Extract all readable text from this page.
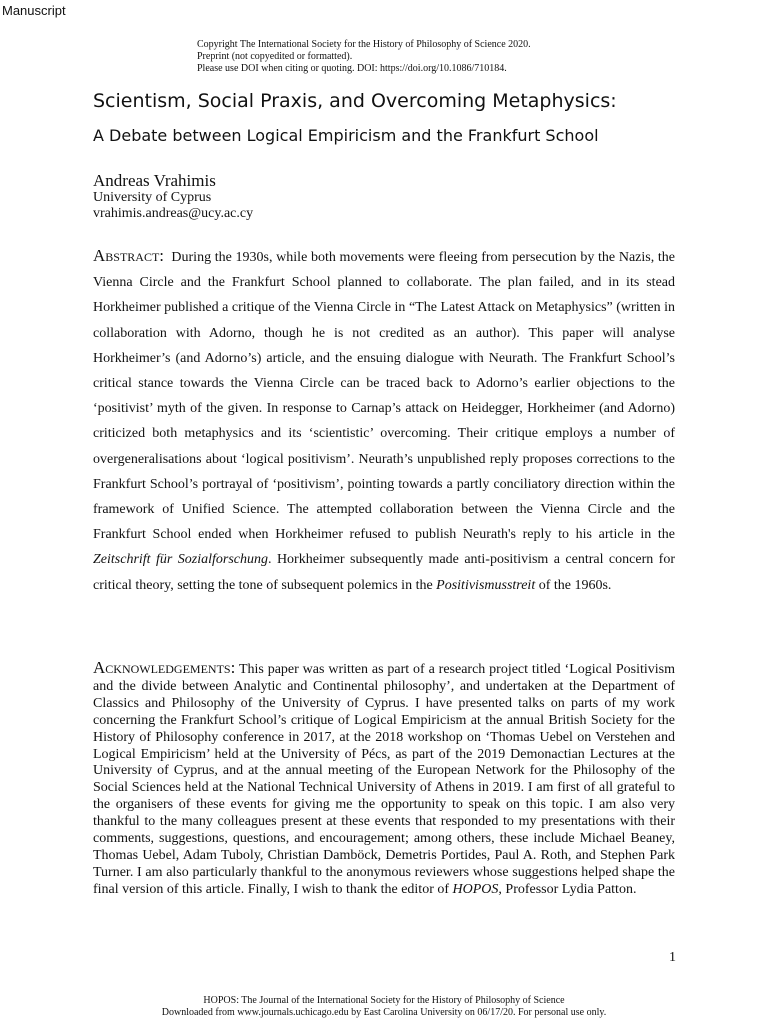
Manuscript
Copyright The International Society for the History of Philosophy of Science 2020.
Preprint (not copyedited or formatted).
Please use DOI when citing or quoting. DOI: https://doi.org/10.1086/710184.
Scientism, Social Praxis, and Overcoming Metaphysics:
A Debate between Logical Empiricism and the Frankfurt School
Andreas Vrahimis
University of Cyprus
vrahimis.andreas@ucy.ac.cy

Abstract: During the 1930s, while both movements were fleeing from persecution by the Nazis, the Vienna Circle and the Frankfurt School planned to collaborate. The plan failed, and in its stead Horkheimer published a critique of the Vienna Circle in “The Latest Attack on Metaphysics” (written in collaboration with Adorno, though he is not credited as an author). This paper will analyse Horkheimer’s (and Adorno’s) article, and the ensuing dialogue with Neurath. The Frankfurt School’s critical stance towards the Vienna Circle can be traced back to Adorno’s earlier objections to the ‘positivist’ myth of the given. In response to Carnap’s attack on Heidegger, Horkheimer (and Adorno) criticized both metaphysics and its ‘scientistic’ overcoming. Their critique employs a number of overgeneralisations about ‘logical positivism’. Neurath’s unpublished reply proposes corrections to the Frankfurt School’s portrayal of ‘positivism’, pointing towards a partly conciliatory direction within the framework of Unified Science. The attempted collaboration between the Vienna Circle and the Frankfurt School ended when Horkheimer refused to publish Neurath's reply to his article in the Zeitschrift für Sozialforschung. Horkheimer subsequently made anti-positivism a central concern for critical theory, setting the tone of subsequent polemics in the Positivismusstreit of the 1960s.

Acknowledgements: This paper was written as part of a research project titled ‘Logical Positivism and the divide between Analytic and Continental philosophy’, and undertaken at the Department of Classics and Philosophy of the University of Cyprus. I have presented talks on parts of my work concerning the Frankfurt School’s critique of Logical Empiricism at the annual British Society for the History of Philosophy conference in 2017, at the 2018 workshop on ‘Thomas Uebel on Verstehen and Logical Empiricism’ held at the University of Pécs, as part of the 2019 Demonactian Lectures at the University of Cyprus, and at the annual meeting of the European Network for the Philosophy of the Social Sciences held at the National Technical University of Athens in 2019. I am first of all grateful to the organisers of these events for giving me the opportunity to speak on this topic. I am also very thankful to the many colleagues present at these events that responded to my presentations with their comments, suggestions, questions, and encouragement; among others, these include Michael Beaney, Thomas Uebel, Adam Tuboly, Christian Damböck, Demetris Portides, Paul A. Roth, and Stephen Park Turner. I am also particularly thankful to the anonymous reviewers whose suggestions helped shape the final version of this article. Finally, I wish to thank the editor of HOPOS, Professor Lydia Patton.

1
HOPOS: The Journal of the International Society for the History of Philosophy of Science
Downloaded from www.journals.uchicago.edu by East Carolina University on 06/17/20. For personal use only.
